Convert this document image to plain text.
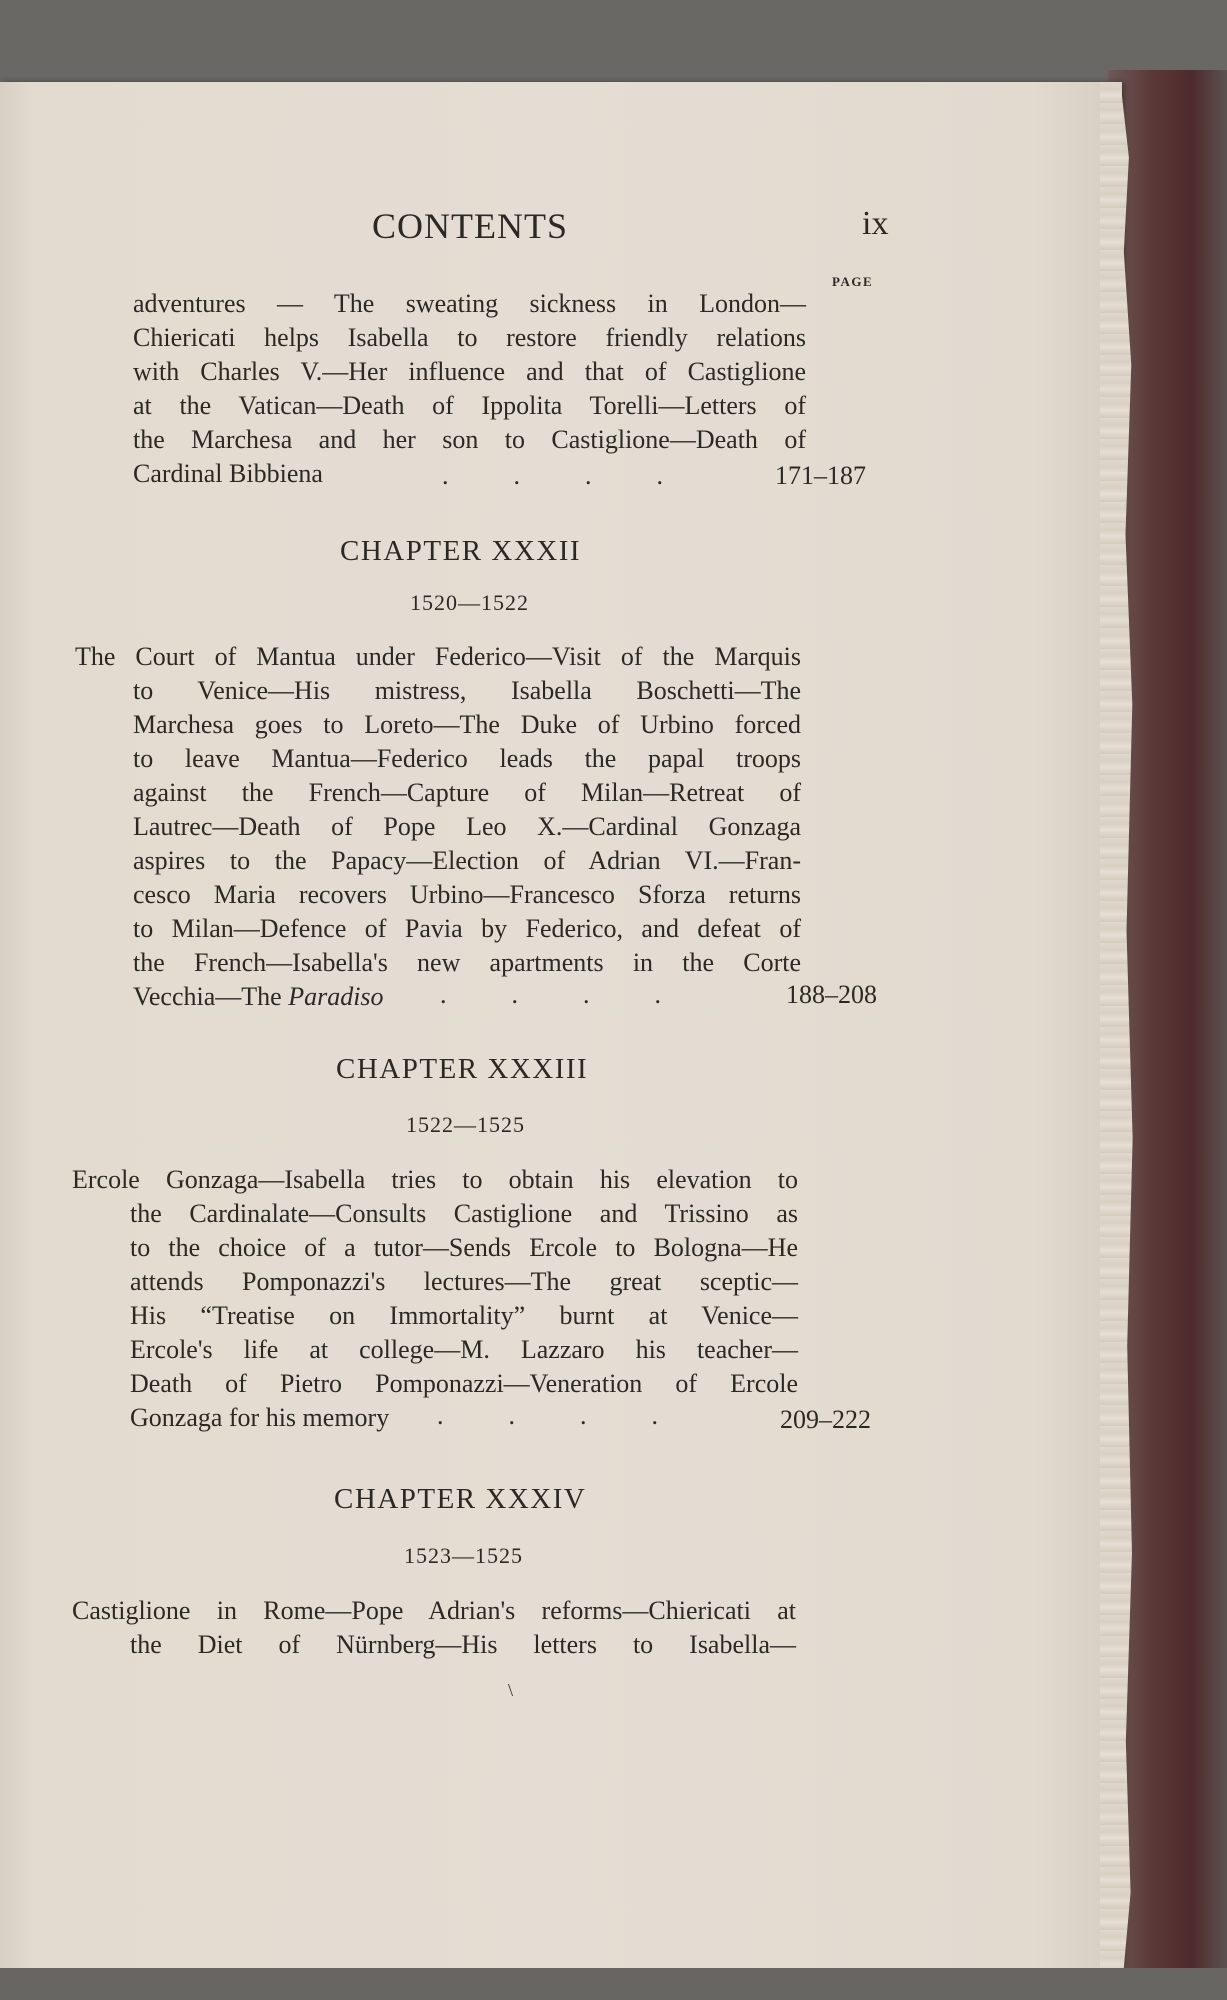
CONTENTS	ix
PAGE
adventures — The sweating sickness in London—
Chiericati helps Isabella to restore friendly relations
with Charles V.—Her influence and that of Castiglione
at the Vatican—Death of Ippolita Torelli—Letters of
the Marchesa and her son to Castiglione—Death of
Cardinal Bibbiena	.          .          .          .	171–187
CHAPTER XXXII
1520—1522
The Court of Mantua under Federico—Visit of the Marquis
to Venice—His mistress, Isabella Boschetti—The
Marchesa goes to Loreto—The Duke of Urbino forced
to leave Mantua—Federico leads the papal troops
against the French—Capture of Milan—Retreat of
Lautrec—Death of Pope Leo X.—Cardinal Gonzaga
aspires to the Papacy—Election of Adrian VI.—Fran-
cesco Maria recovers Urbino—Francesco Sforza returns
to Milan—Defence of Pavia by Federico, and defeat of
the French—Isabella's new apartments in the Corte
Vecchia—The Paradiso	.          .          .          .	188–208
CHAPTER XXXIII
1522—1525
Ercole Gonzaga—Isabella tries to obtain his elevation to
the Cardinalate—Consults Castiglione and Trissino as
to the choice of a tutor—Sends Ercole to Bologna—He
attends Pomponazzi's lectures—The great sceptic—
His “Treatise on Immortality” burnt at Venice—
Ercole's life at college—M. Lazzaro his teacher—
Death of Pietro Pomponazzi—Veneration of Ercole
Gonzaga for his memory	.          .          .          .	209–222
CHAPTER XXXIV
1523—1525
Castiglione in Rome—Pope Adrian's reforms—Chiericati at
the Diet of Nürnberg—His letters to Isabella—
\
